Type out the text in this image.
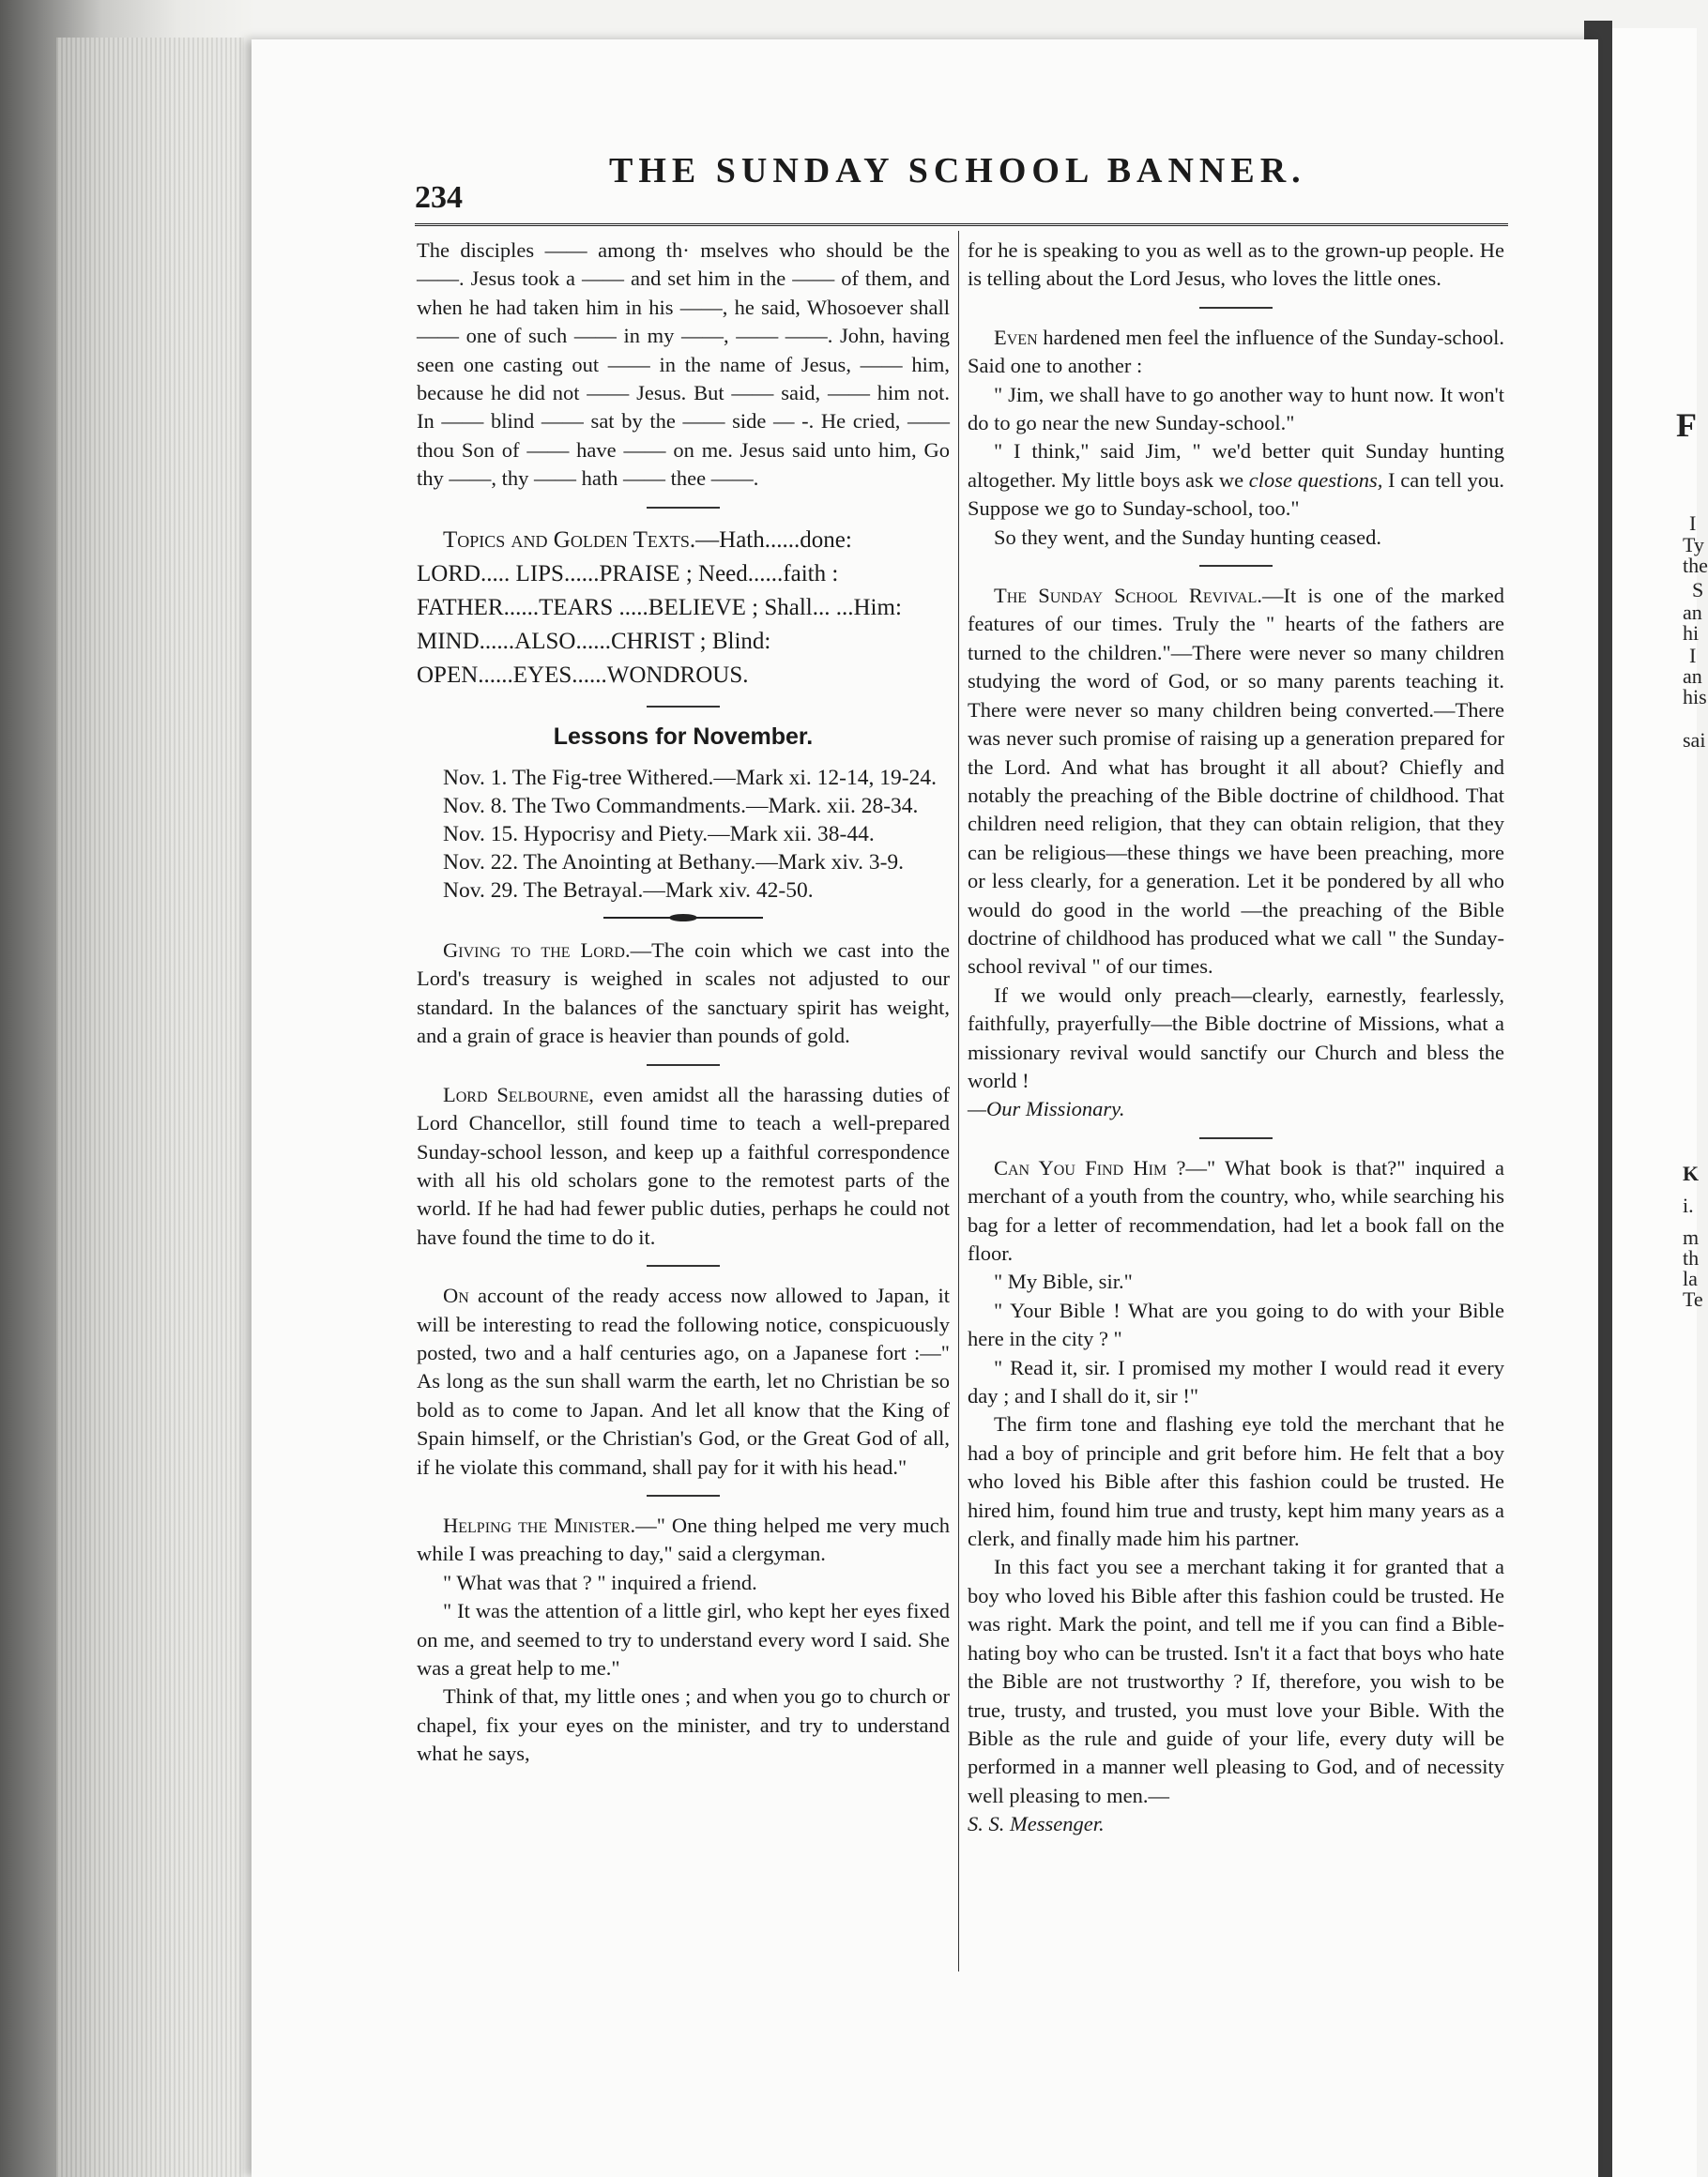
F
I
Ty
the
S
an
hi
I
an
his
sai
K
i.
m
th
la
Te
234
THE SUNDAY SCHOOL BANNER.

The disciples —— among th· mselves who should be the ——. Jesus took a —— and set him in the —— of them, and when he had taken him in his ——, he said, Whosoever shall —— one of such —— in my ——, —— ——. John, having seen one casting out —— in the name of Jesus, —— him, because he did not —— Jesus. But —— said, —— him not. In —— blind —— sat by the —— side — -. He cried, —— thou Son of —— have —— on me. Jesus said unto him, Go thy ——, thy —— hath —— thee ——.

Topics and Golden Texts.—Hath......done: LORD..... LIPS......PRAISE ; Need......faith : FATHER......TEARS .....BELIEVE ; Shall... ...Him: MIND......ALSO......CHRIST ; Blind: OPEN......EYES......WONDROUS.

Lessons for November.

Nov. 1. The Fig-tree Withered.—Mark xi. 12-14, 19-24.

Nov. 8. The Two Commandments.—Mark. xii. 28-34.

Nov. 15. Hypocrisy and Piety.—Mark xii. 38-44.

Nov. 22. The Anointing at Bethany.—Mark xiv. 3-9.

Nov. 29. The Betrayal.—Mark xiv. 42-50.

Giving to the Lord.—The coin which we cast into the Lord's treasury is weighed in scales not adjusted to our standard. In the balances of the sanctuary spirit has weight, and a grain of grace is heavier than pounds of gold.

Lord Selbourne, even amidst all the harassing duties of Lord Chancellor, still found time to teach a well-prepared Sunday-school lesson, and keep up a faithful correspondence with all his old scholars gone to the remotest parts of the world. If he had had fewer public duties, perhaps he could not have found the time to do it.

On account of the ready access now allowed to Japan, it will be interesting to read the following notice, conspicuously posted, two and a half centuries ago, on a Japanese fort :—" As long as the sun shall warm the earth, let no Christian be so bold as to come to Japan. And let all know that the King of Spain himself, or the Christian's God, or the Great God of all, if he violate this command, shall pay for it with his head."

Helping the Minister.—" One thing helped me very much while I was preaching to day," said a clergyman.

" What was that ? " inquired a friend.

" It was the attention of a little girl, who kept her eyes fixed on me, and seemed to try to understand every word I said. She was a great help to me."

Think of that, my little ones ; and when you go to church or chapel, fix your eyes on the minister, and try to understand what he says,

for he is speaking to you as well as to the grown-up people. He is telling about the Lord Jesus, who loves the little ones.

Even hardened men feel the influence of the Sunday-school. Said one to another :

" Jim, we shall have to go another way to hunt now. It won't do to go near the new Sunday-school."

" I think," said Jim, " we'd better quit Sunday hunting altogether. My little boys ask we close questions, I can tell you. Suppose we go to Sunday-school, too."

So they went, and the Sunday hunting ceased.

The Sunday School Revival.—It is one of the marked features of our times. Truly the " hearts of the fathers are turned to the children."—There were never so many children studying the word of God, or so many parents teaching it. There were never so many children being converted.—There was never such promise of raising up a generation prepared for the Lord. And what has brought it all about? Chiefly and notably the preaching of the Bible doctrine of childhood. That children need religion, that they can obtain religion, that they can be religious—these things we have been preaching, more or less clearly, for a generation. Let it be pondered by all who would do good in the world —the preaching of the Bible doctrine of childhood has produced what we call " the Sunday-school revival " of our times.

If we would only preach—clearly, earnestly, fearlessly, faithfully, prayerfully—the Bible doctrine of Missions, what a missionary revival would sanctify our Church and bless the world !

—Our Missionary.

Can You Find Him ?—" What book is that?" inquired a merchant of a youth from the country, who, while searching his bag for a letter of recommendation, had let a book fall on the floor.

" My Bible, sir."

" Your Bible ! What are you going to do with your Bible here in the city ? "

" Read it, sir. I promised my mother I would read it every day ; and I shall do it, sir !"

The firm tone and flashing eye told the merchant that he had a boy of principle and grit before him. He felt that a boy who loved his Bible after this fashion could be trusted. He hired him, found him true and trusty, kept him many years as a clerk, and finally made him his partner.

In this fact you see a merchant taking it for granted that a boy who loved his Bible after this fashion could be trusted. He was right. Mark the point, and tell me if you can find a Bible-hating boy who can be trusted. Isn't it a fact that boys who hate the Bible are not trustworthy ? If, therefore, you wish to be true, trusty, and trusted, you must love your Bible. With the Bible as the rule and guide of your life, every duty will be performed in a manner well pleasing to God, and of necessity well pleasing to men.—

S. S. Messenger.
